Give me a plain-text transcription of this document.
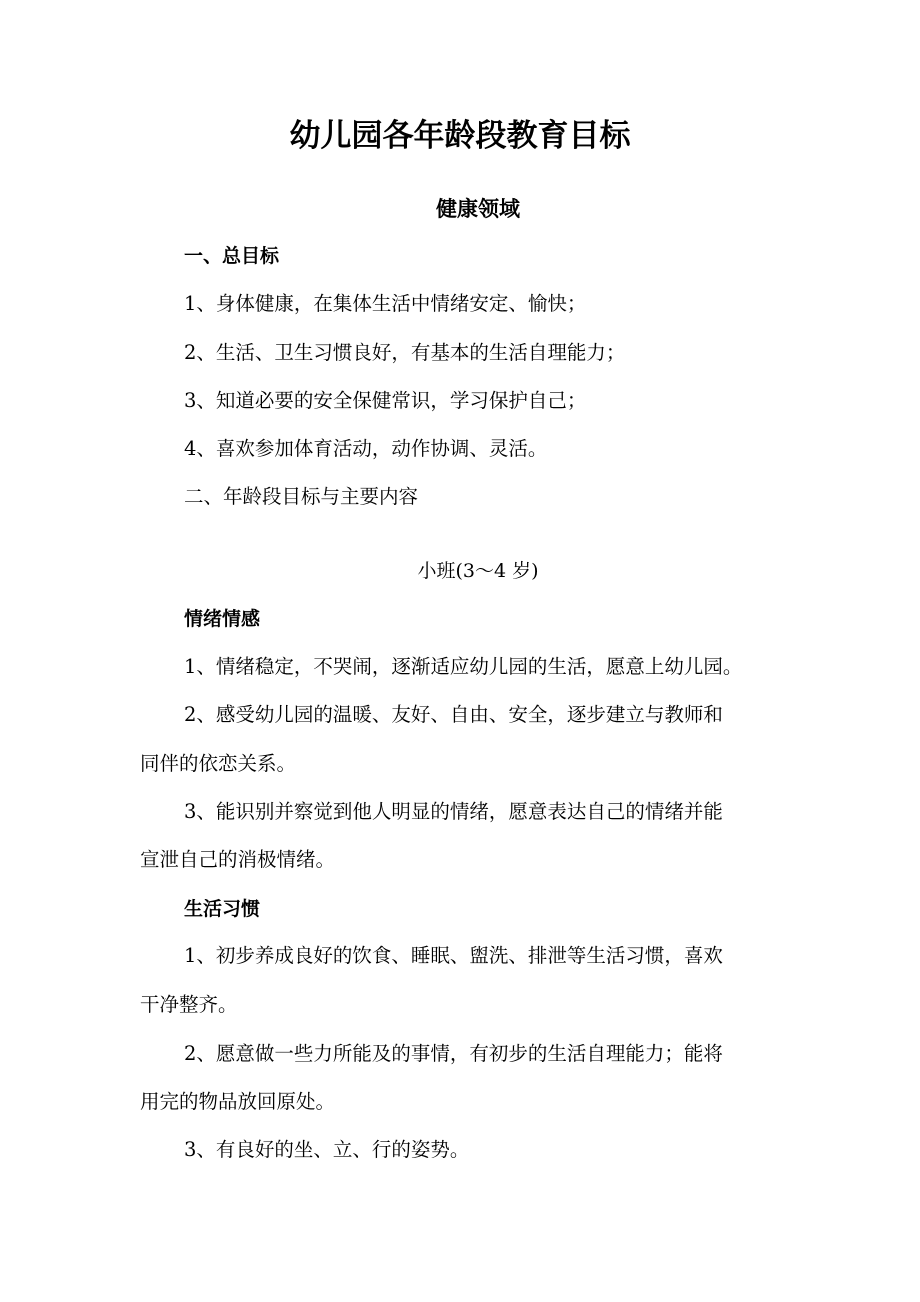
幼儿园各年龄段教育目标
健康领域
一、总目标

1、身体健康，在集体生活中情绪安定、愉快；

2、生活、卫生习惯良好，有基本的生活自理能力；

3、知道必要的安全保健常识，学习保护自己；

4、喜欢参加体育活动，动作协调、灵活。

二、年龄段目标与主要内容

小班(3～4 岁)
情绪情感

1、情绪稳定，不哭闹，逐渐适应幼儿园的生活，愿意上幼儿园。

2、感受幼儿园的温暖、友好、自由、安全，逐步建立与教师和

同伴的依恋关系。

3、能识别并察觉到他人明显的情绪，愿意表达自己的情绪并能

宣泄自己的消极情绪。

生活习惯

1、初步养成良好的饮食、睡眠、盥洗、排泄等生活习惯，喜欢

干净整齐。

2、愿意做一些力所能及的事情，有初步的生活自理能力；能将

用完的物品放回原处。

3、有良好的坐、立、行的姿势。
